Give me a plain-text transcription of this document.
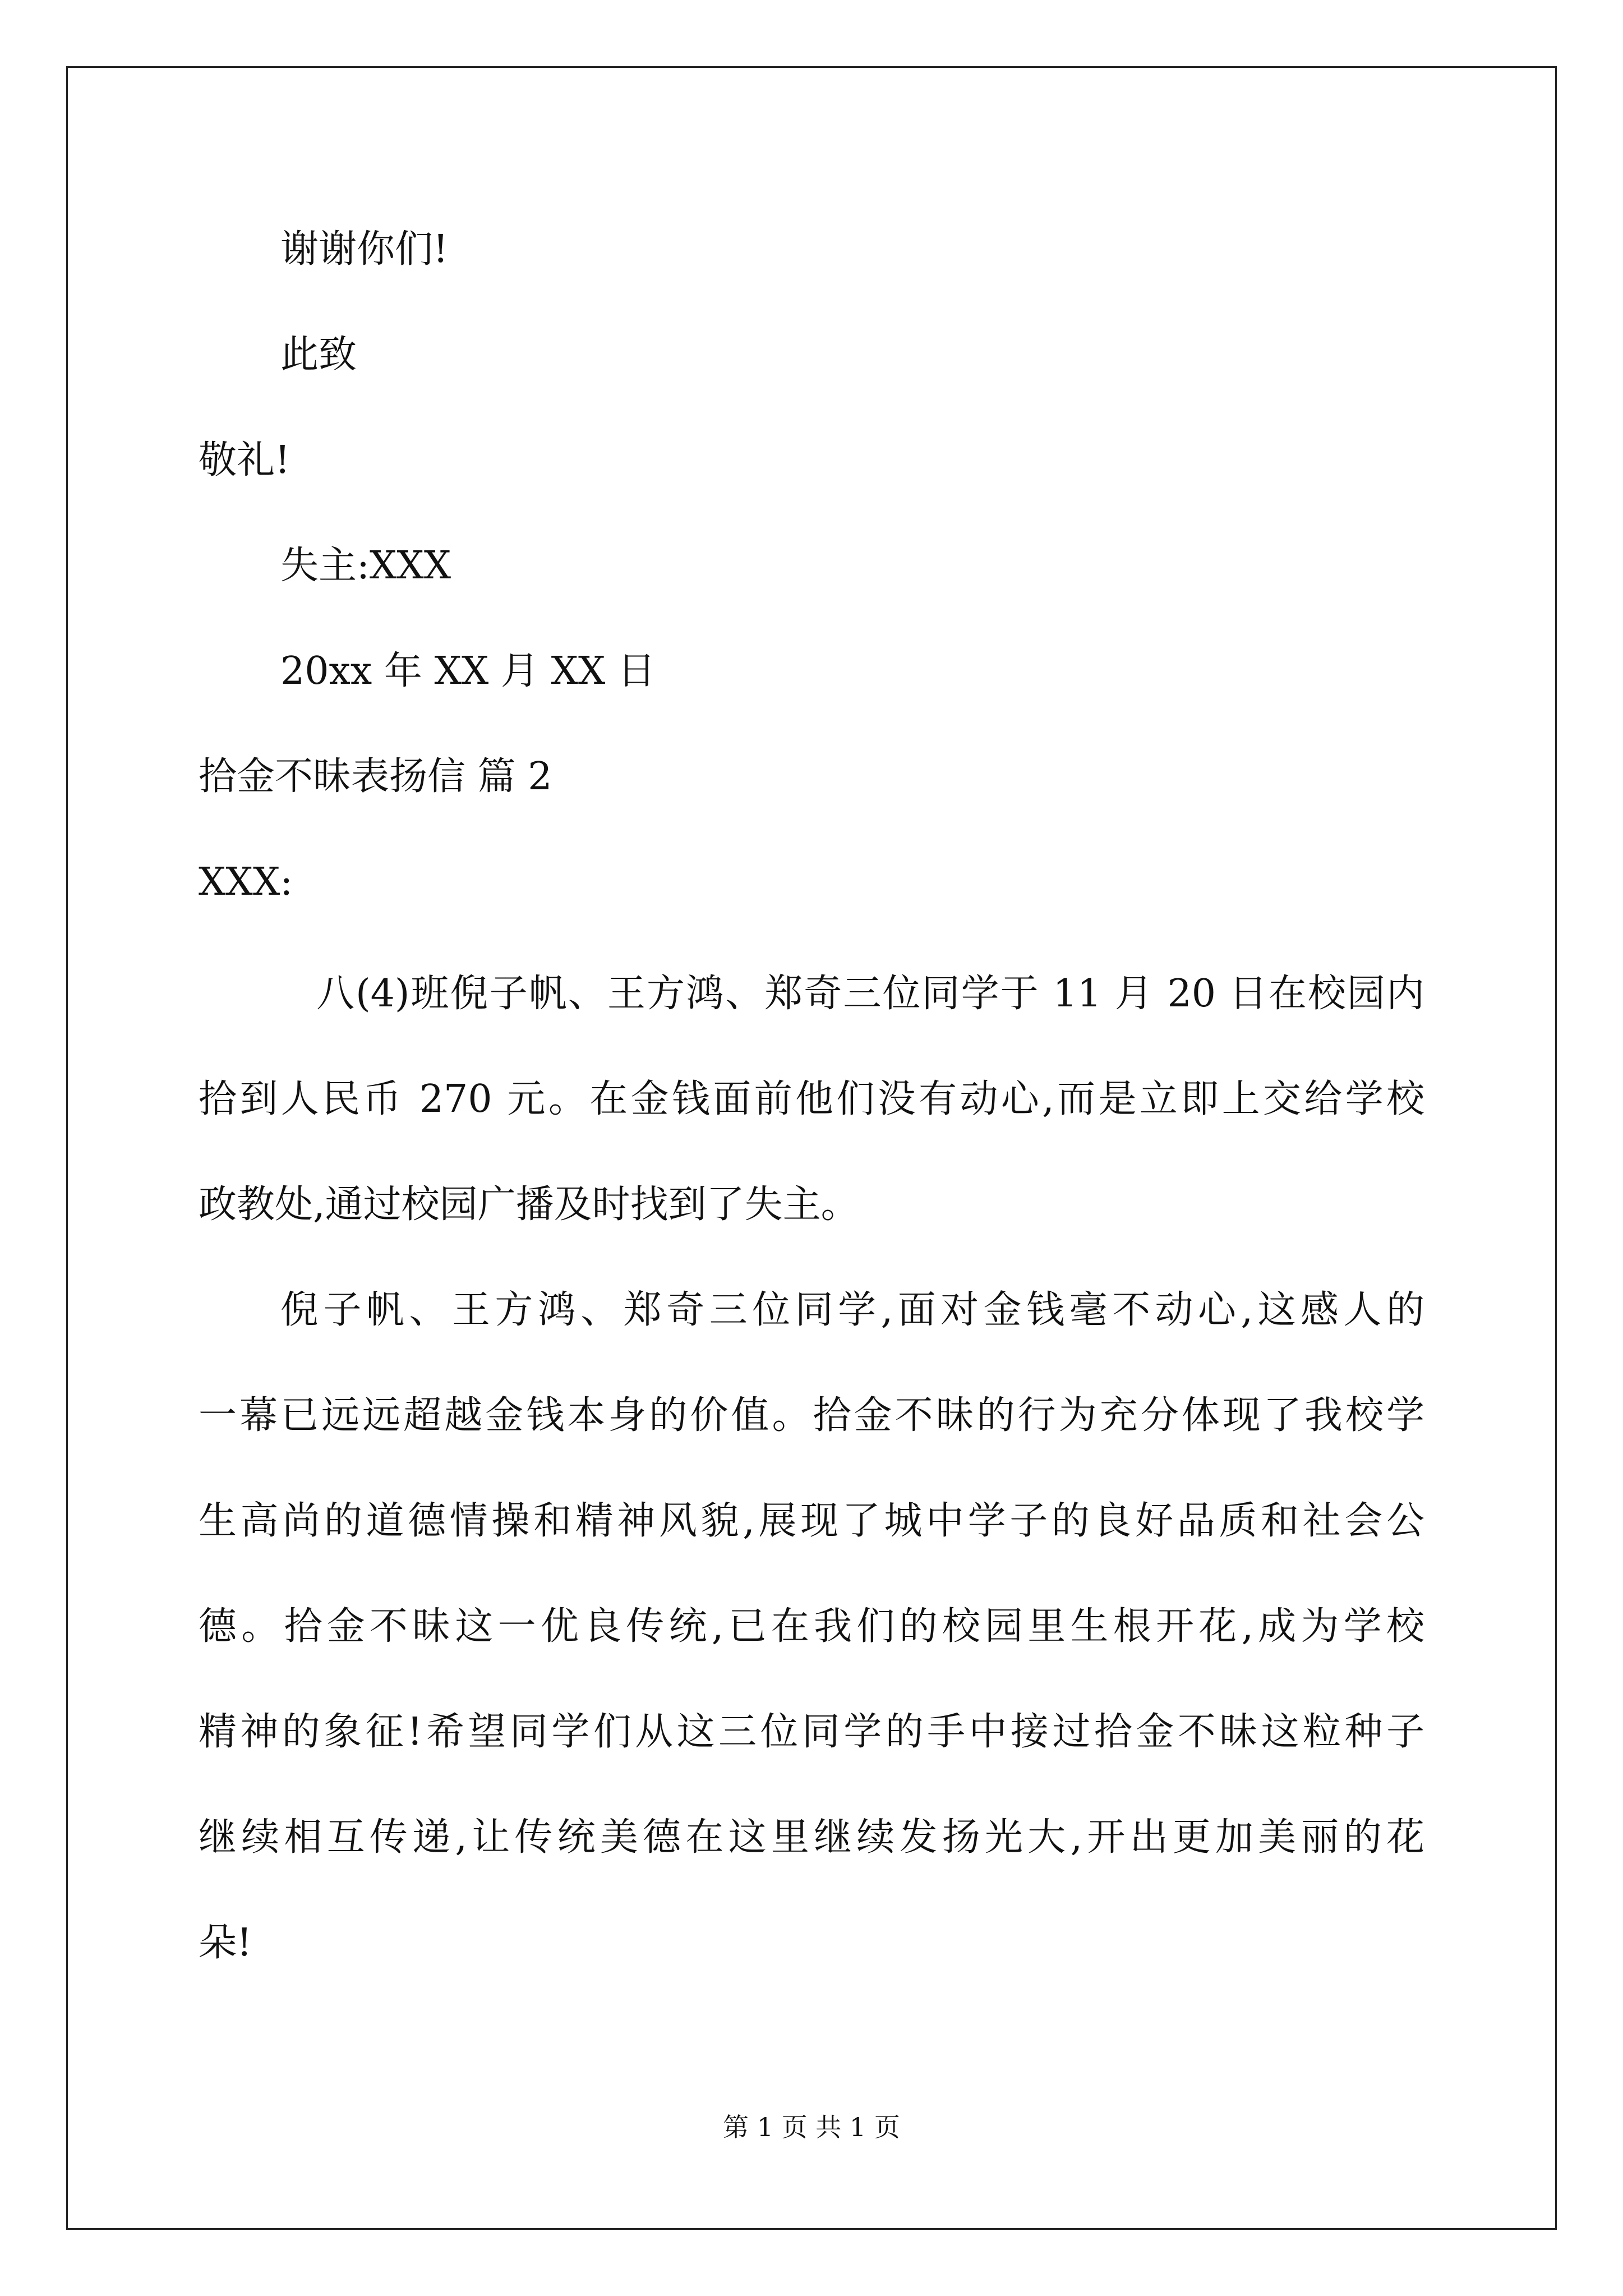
谢谢你们!
此致
敬礼!
失主:XXX
20xx 年 XX 月 XX 日
拾金不昧表扬信 篇 2
XXX:
八(4)班倪子帆、王方鸿、郑奇三位同学于 11 月 20 日在校园内
拾到人民币 270 元。在金钱面前他们没有动心,而是立即上交给学校
政教处,通过校园广播及时找到了失主。
倪子帆、王方鸿、郑奇三位同学,面对金钱毫不动心,这感人的
一幕已远远超越金钱本身的价值。拾金不昧的行为充分体现了我校学
生高尚的道德情操和精神风貌,展现了城中学子的良好品质和社会公
德。拾金不昧这一优良传统,已在我们的校园里生根开花,成为学校
精神的象征!希望同学们从这三位同学的手中接过拾金不昧这粒种子
继续相互传递,让传统美德在这里继续发扬光大,开出更加美丽的花
朵!
第 1 页 共 1 页
